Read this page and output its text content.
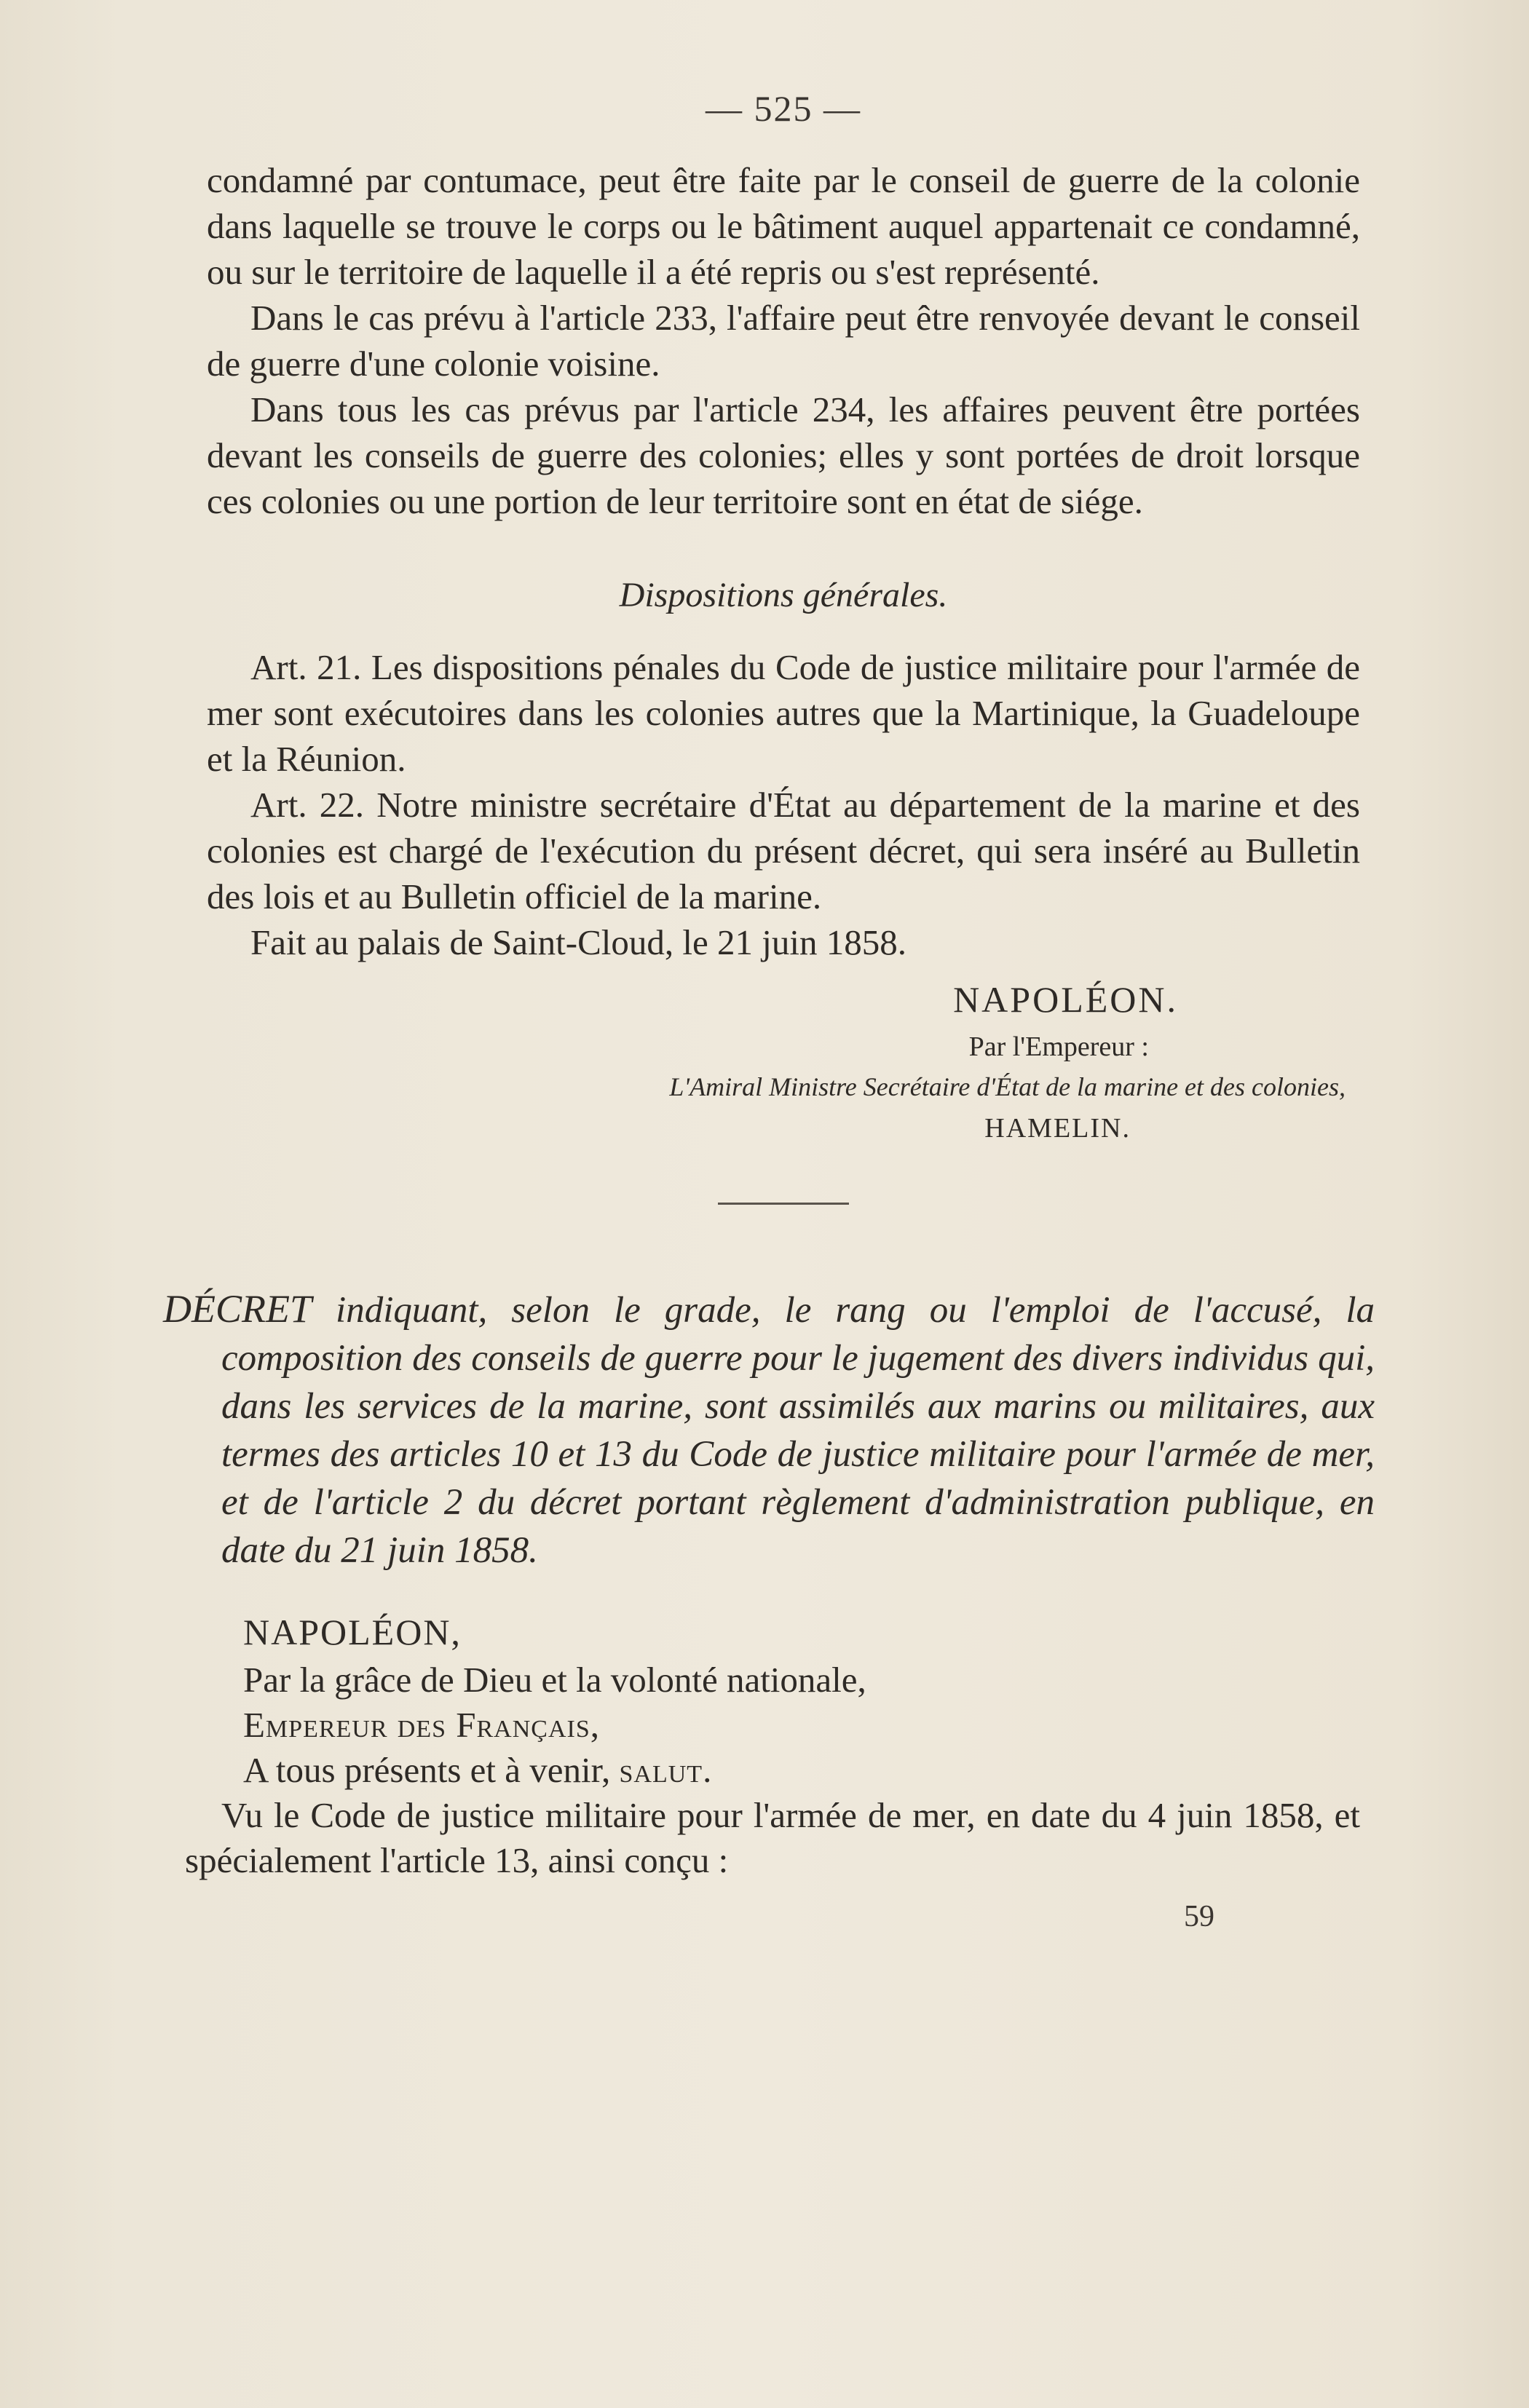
— 525 —

condamné par contumace, peut être faite par le conseil de guerre de la colonie dans laquelle se trouve le corps ou le bâtiment auquel appartenait ce condamné, ou sur le territoire de laquelle il a été repris ou s'est représenté.

Dans le cas prévu à l'article 233, l'affaire peut être renvoyée devant le conseil de guerre d'une colonie voisine.

Dans tous les cas prévus par l'article 234, les affaires peuvent être portées devant les conseils de guerre des colonies; elles y sont portées de droit lorsque ces colonies ou une portion de leur territoire sont en état de siége.

Dispositions générales.

Art. 21. Les dispositions pénales du Code de justice militaire pour l'armée de mer sont exécutoires dans les colonies autres que la Martinique, la Guadeloupe et la Réunion.

Art. 22. Notre ministre secrétaire d'État au département de la marine et des colonies est chargé de l'exécution du présent décret, qui sera inséré au Bulletin des lois et au Bulletin officiel de la marine.

Fait au palais de Saint-Cloud, le 21 juin 1858.

NAPOLÉON.
Par l'Empereur :
L'Amiral Ministre Secrétaire d'État de la marine et des colonies,
HAMELIN.
DÉCRET indiquant, selon le grade, le rang ou l'emploi de l'accusé, la composition des conseils de guerre pour le jugement des divers individus qui, dans les services de la marine, sont assimilés aux marins ou militaires, aux termes des articles 10 et 13 du Code de justice militaire pour l'armée de mer, et de l'article 2 du décret portant règlement d'administration publique, en date du 21 juin 1858.
NAPOLÉON,
Par la grâce de Dieu et la volonté nationale,
Empereur des Français,
A tous présents et à venir, salut.

Vu le Code de justice militaire pour l'armée de mer, en date du 4 juin 1858, et spécialement l'article 13, ainsi conçu :

59
